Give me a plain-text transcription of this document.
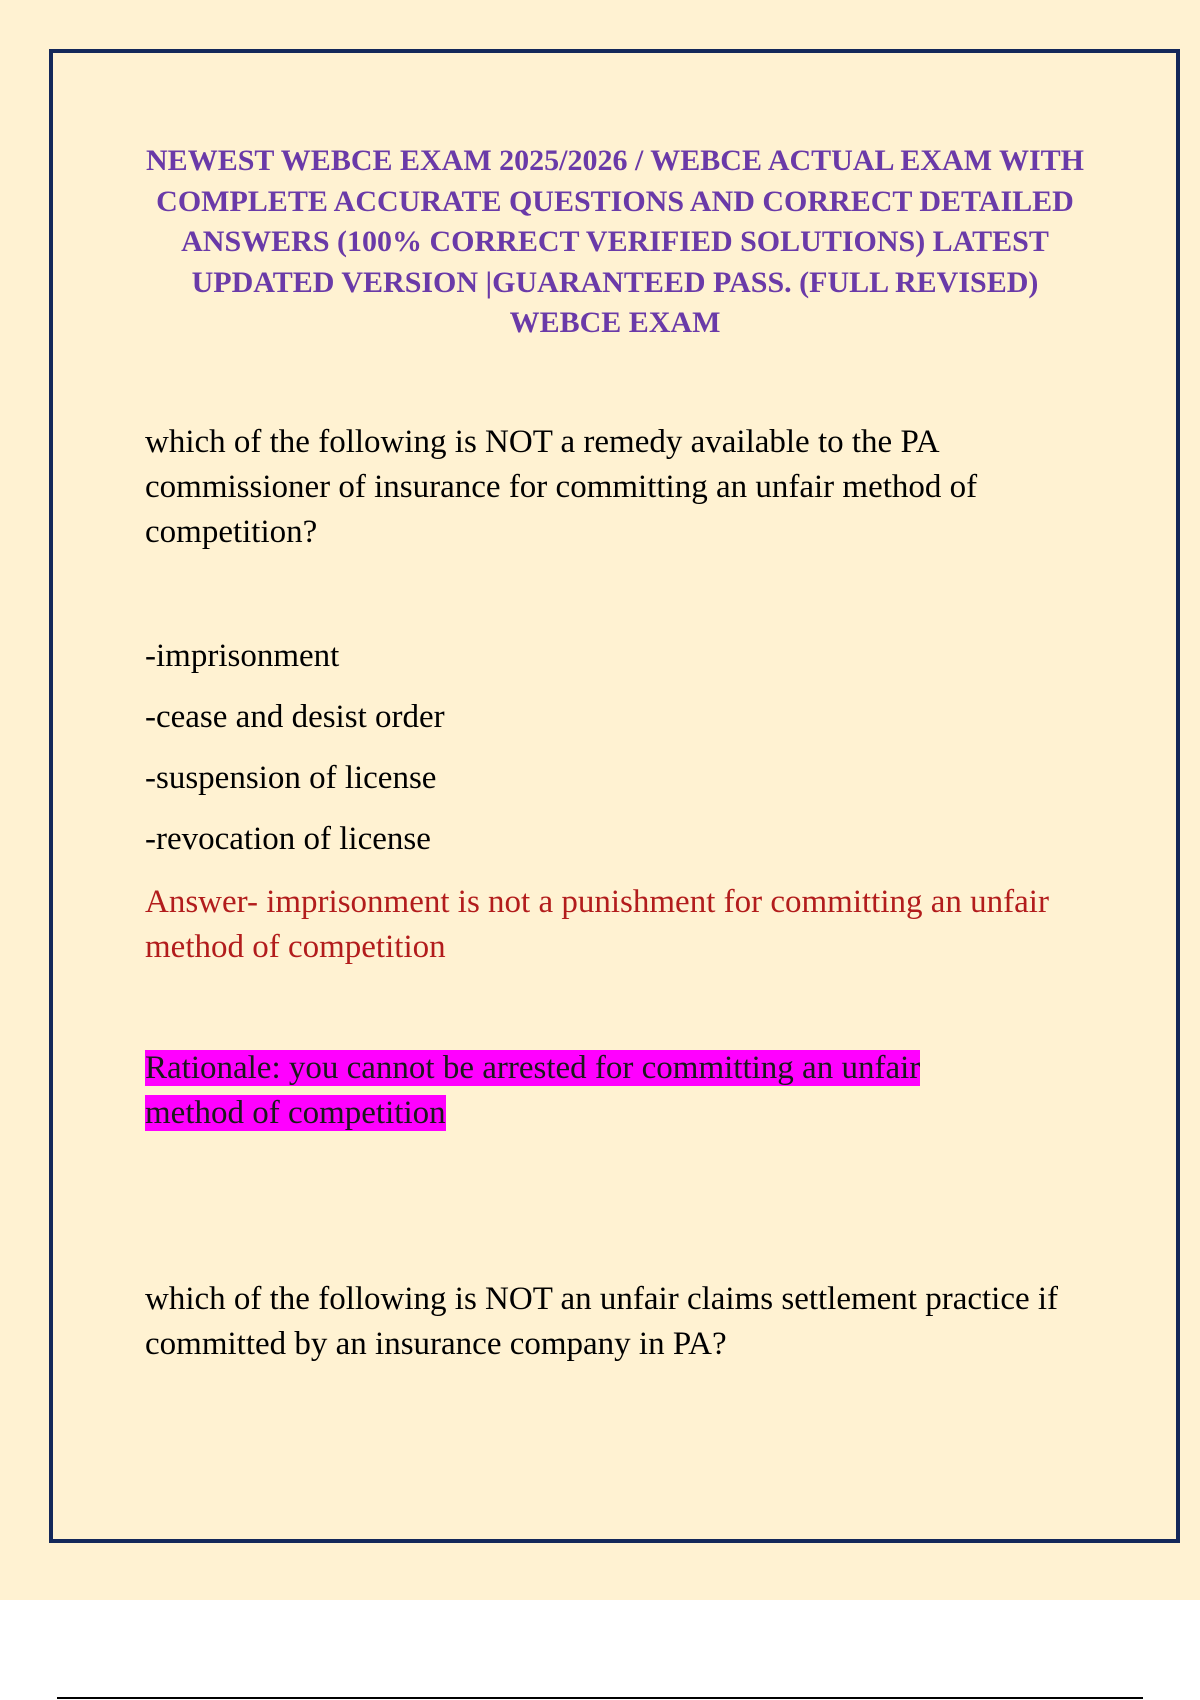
NEWEST WEBCE EXAM 2025/2026 / WEBCE ACTUAL EXAM WITH COMPLETE ACCURATE QUESTIONS AND CORRECT DETAILED ANSWERS (100% CORRECT VERIFIED SOLUTIONS) LATEST UPDATED VERSION |GUARANTEED PASS. (FULL REVISED) WEBCE EXAM

which of the following is NOT a remedy available to the PA commissioner of insurance for committing an unfair method of competition?

-imprisonment
-cease and desist order
-suspension of license
-revocation of license

Answer- imprisonment is not a punishment for committing an unfair method of competition

Rationale: you cannot be arrested for committing an unfair method of competition

which of the following is NOT an unfair claims settlement practice if committed by an insurance company in PA?
